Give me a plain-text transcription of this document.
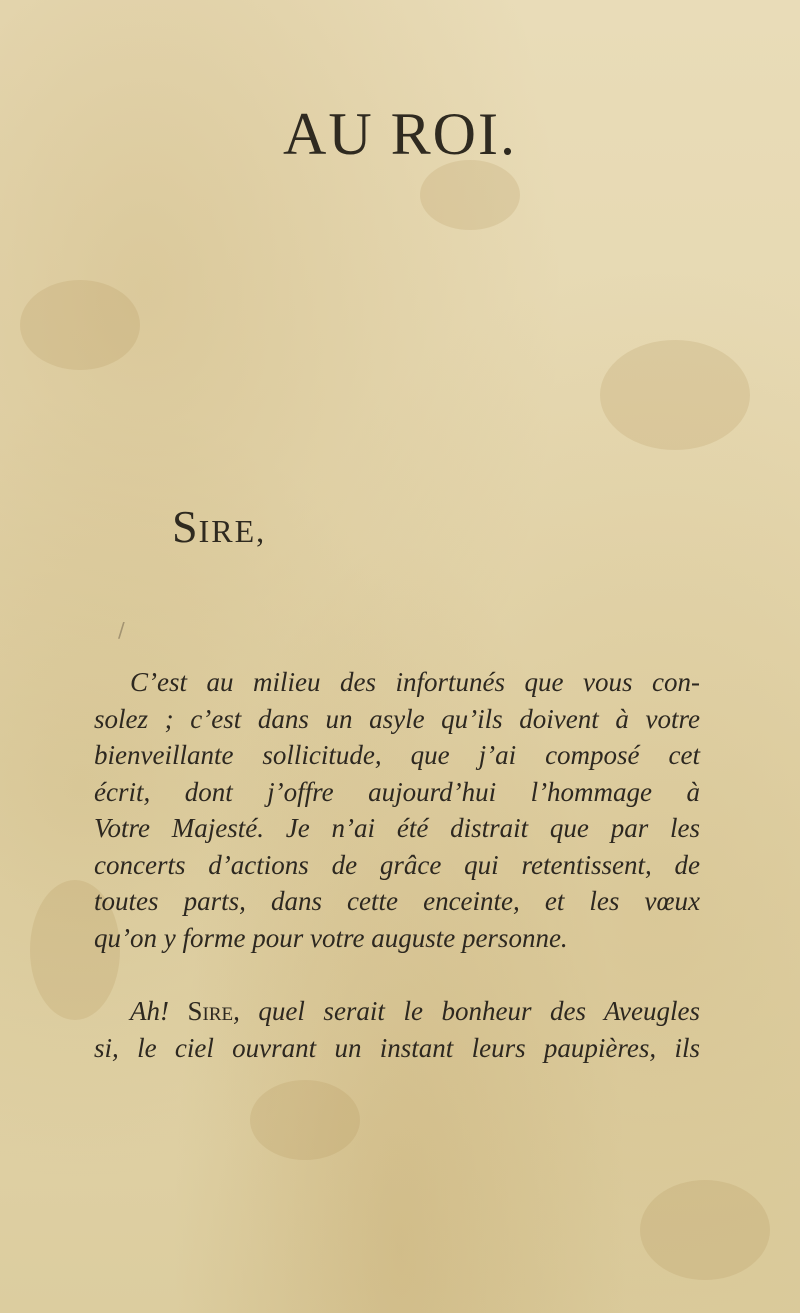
AU ROI.
SIRE,
/
C’est au milieu des infortunés que vous con-
solez ; c’est dans un asyle qu’ils doivent à votre
bienveillante sollicitude, que j’ai composé cet
écrit, dont j’offre aujourd’hui l’hommage à
Votre Majesté. Je n’ai été distrait que par les
concerts d’actions de grâce qui retentissent, de
toutes parts, dans cette enceinte, et les vœux
qu’on y forme pour votre auguste personne.
Ah! Sire, quel serait le bonheur des Aveugles
si, le ciel ouvrant un instant leurs paupières, ils
